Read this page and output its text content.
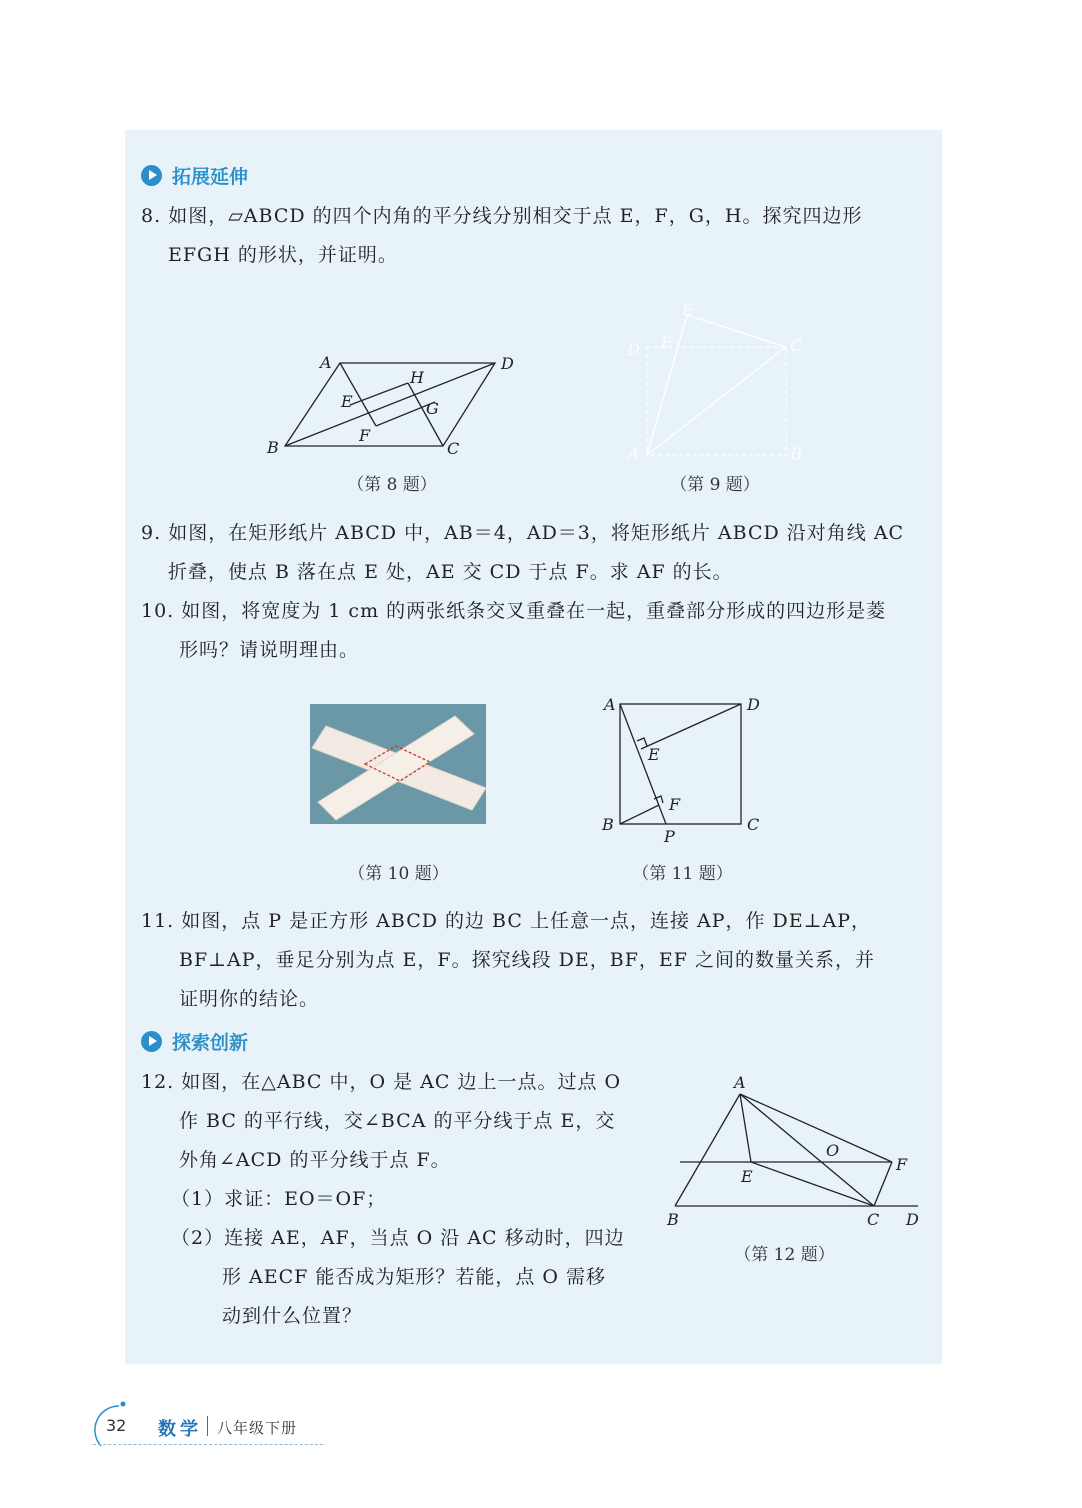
拓展延伸

8. 如图，▱ABCD 的四个内角的平分线分别相交于点 E，F，G，H。探究四边形

EFGH 的形状，并证明。

A
B	C
D
E
F
G
H
（第 8 题）
A	B
C
D
E
F
（第 9 题）

9. 如图，在矩形纸片 ABCD 中，AB＝4，AD＝3，将矩形纸片 ABCD 沿对角线 AC

折叠，使点 B 落在点 E 处，AE 交 CD 于点 F。求 AF 的长。

10. 如图，将宽度为 1 cm 的两张纸条交叉重叠在一起，重叠部分形成的四边形是菱

形吗？请说明理由。

（第 10 题）
A
B	C
D
E
F
P
（第 11 题）

11. 如图，点 P 是正方形 ABCD 的边 BC 上任意一点，连接 AP，作 DE⊥AP，

BF⊥AP，垂足分别为点 E，F。探究线段 DE，BF，EF 之间的数量关系，并

证明你的结论。

探索创新

12. 如图，在△ABC 中，O 是 AC 边上一点。过点 O

作 BC 的平行线，交∠BCA 的平分线于点 E，交

外角∠ACD 的平分线于点 F。

（1）求证：EO＝OF；

（2）连接 AE，AF，当点 O 沿 AC 移动时，四边

形 AECF 能否成为矩形？若能，点 O 需移

动到什么位置？

A
B	C D
E
F
O
（第 12 题）
32 数学 八年级下册
